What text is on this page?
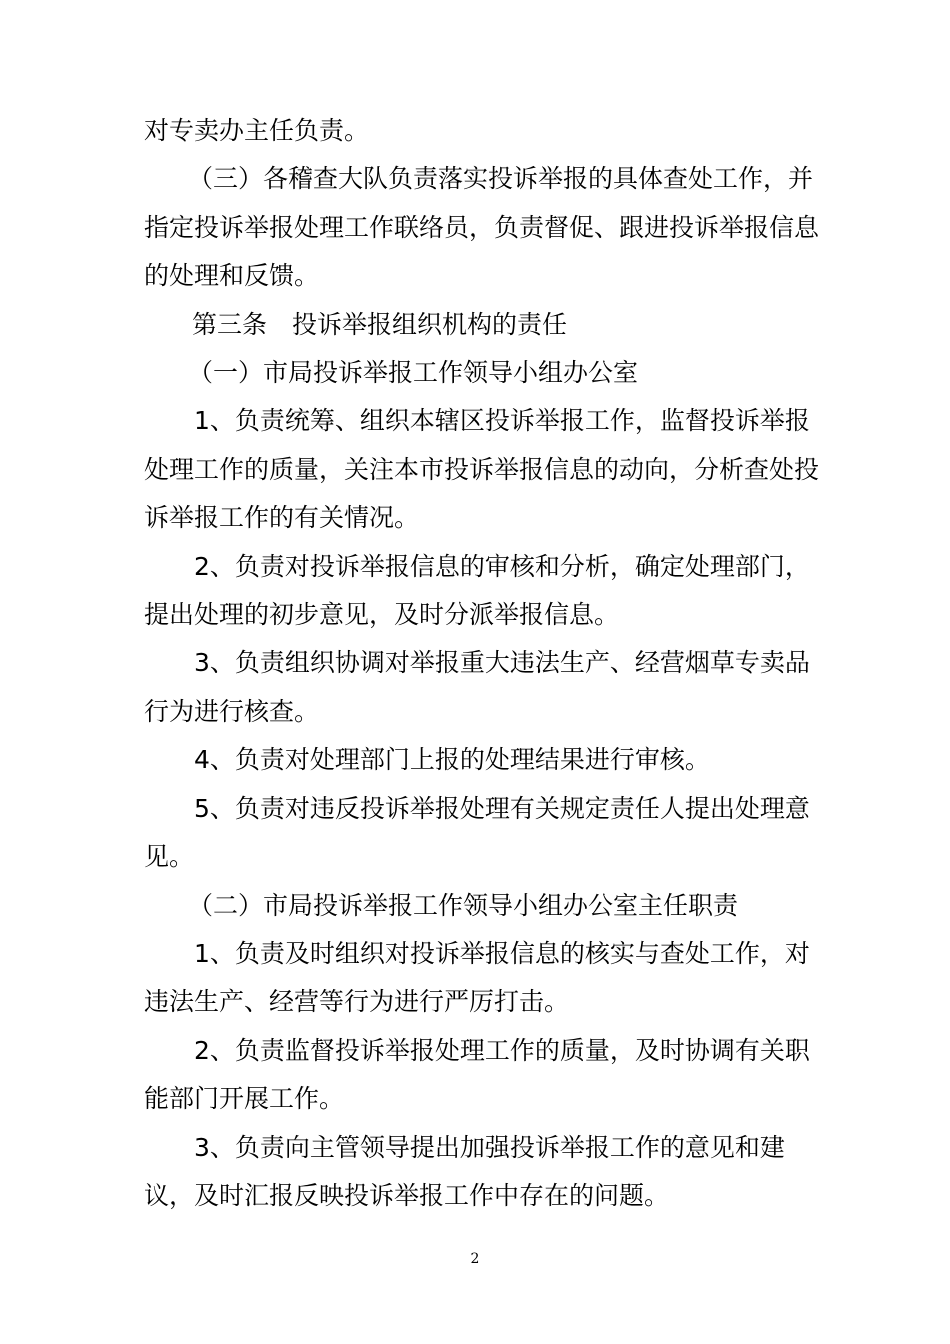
对专卖办主任负责。

（三）各稽查大队负责落实投诉举报的具体查处工作，并指定投诉举报处理工作联络员，负责督促、跟进投诉举报信息的处理和反馈。

第三条　投诉举报组织机构的责任

（一）市局投诉举报工作领导小组办公室

1、负责统筹、组织本辖区投诉举报工作，监督投诉举报处理工作的质量，关注本市投诉举报信息的动向，分析查处投诉举报工作的有关情况。

2、负责对投诉举报信息的审核和分析，确定处理部门，提出处理的初步意见，及时分派举报信息。

3、负责组织协调对举报重大违法生产、经营烟草专卖品行为进行核查。

4、负责对处理部门上报的处理结果进行审核。

5、负责对违反投诉举报处理有关规定责任人提出处理意见。

（二）市局投诉举报工作领导小组办公室主任职责

1、负责及时组织对投诉举报信息的核实与查处工作，对违法生产、经营等行为进行严厉打击。

2、负责监督投诉举报处理工作的质量，及时协调有关职能部门开展工作。

3、负责向主管领导提出加强投诉举报工作的意见和建议，及时汇报反映投诉举报工作中存在的问题。

2
